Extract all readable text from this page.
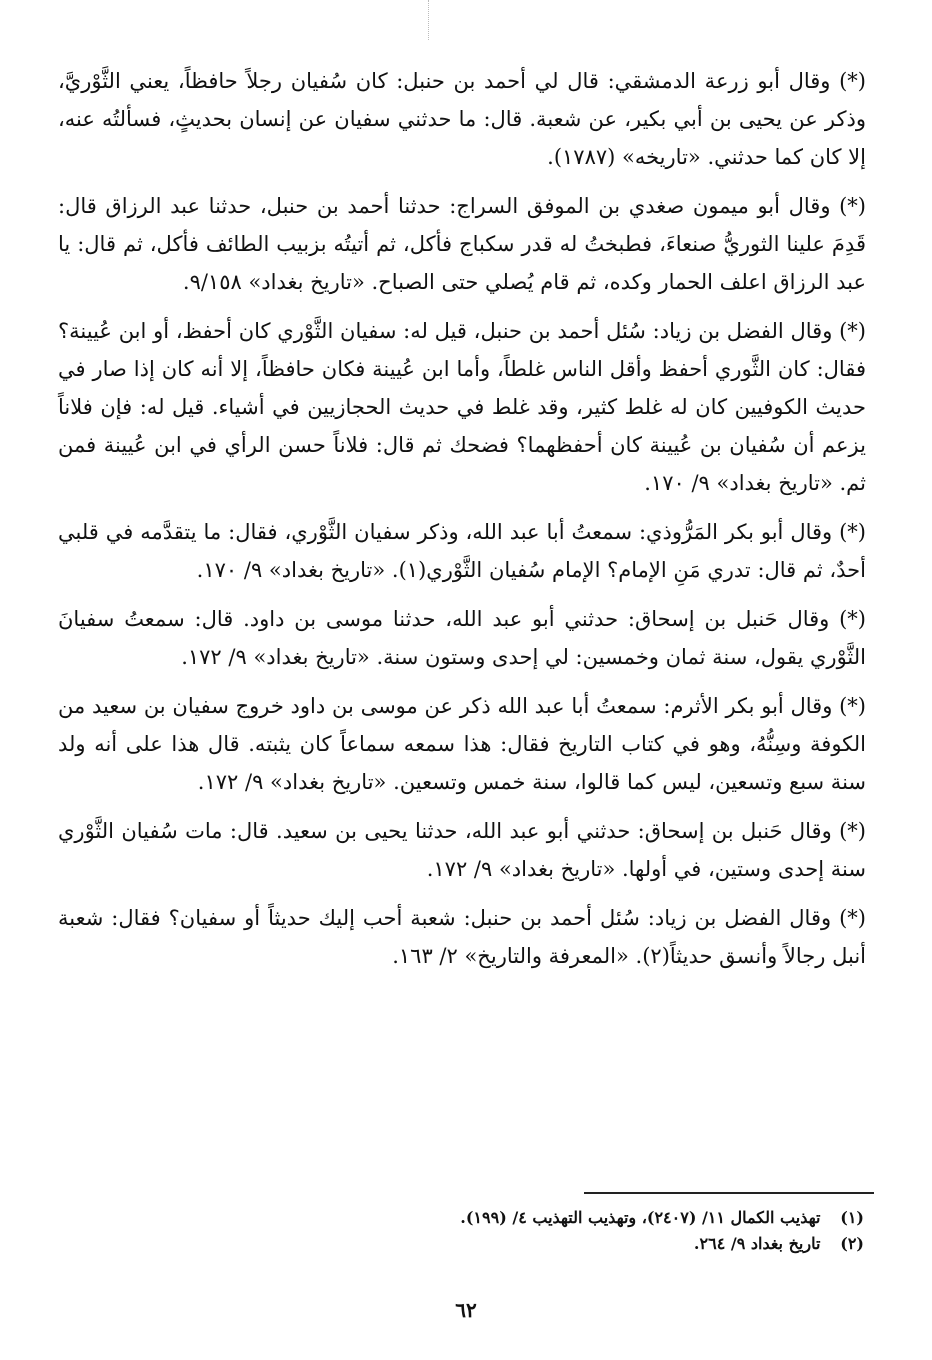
(*) وقال أبو زرعة الدمشقي: قال لي أحمد بن حنبل: كان سُفيان رجلاً حافظاً، يعني الثَّوْريَّ، وذكر عن يحيى بن أبي بكير، عن شعبة. قال: ما حدثني سفيان عن إنسان بحديثٍ، فسألتُه عنه، إلا كان كما حدثني. «تاريخه» (١٧٨٧).

(*) وقال أبو ميمون صغدي بن الموفق السراج: حدثنا أحمد بن حنبل، حدثنا عبد الرزاق قال: قَدِمَ علينا الثوريُّ صنعاءَ، فطبختُ له قدر سكباج فأكل، ثم أتيتُه بزبيب الطائف فأكل، ثم قال: يا عبد الرزاق اعلف الحمار وكده، ثم قام يُصلي حتى الصباح. «تاريخ بغداد» ٩/١٥٨.

(*) وقال الفضل بن زياد: سُئل أحمد بن حنبل، قيل له: سفيان الثَّوْري كان أحفظ، أو ابن عُيينة؟ فقال: كان الثَّوري أحفظ وأقل الناس غلطاً، وأما ابن عُيينة فكان حافظاً، إلا أنه كان إذا صار في حديث الكوفيين كان له غلط كثير، وقد غلط في حديث الحجازيين في أشياء. قيل له: فإن فلاناً يزعم أن سُفيان بن عُيينة كان أحفظهما؟ فضحك ثم قال: فلاناً حسن الرأي في ابن عُيينة فمن ثم. «تاريخ بغداد» ٩/ ١٧٠.

(*) وقال أبو بكر المَرُّوذي: سمعتُ أبا عبد الله، وذكر سفيان الثَّوْري، فقال: ما يتقدَّمه في قلبي أحدٌ، ثم قال: تدري مَنِ الإمام؟ الإمام سُفيان الثَّوْري(١). «تاريخ بغداد» ٩/ ١٧٠.

(*) وقال حَنبل بن إسحاق: حدثني أبو عبد الله، حدثنا موسى بن داود. قال: سمعتُ سفيانَ الثَّوْري يقول، سنة ثمان وخمسين: لي إحدى وستون سنة. «تاريخ بغداد» ٩/ ١٧٢.

(*) وقال أبو بكر الأثرم: سمعتُ أبا عبد الله ذكر عن موسى بن داود خروج سفيان بن سعيد من الكوفة وسِنُّهُ، وهو في كتاب التاريخ فقال: هذا سمعه سماعاً كان يثبته. قال هذا على أنه ولد سنة سبع وتسعين، ليس كما قالوا، سنة خمس وتسعين. «تاريخ بغداد» ٩/ ١٧٢.

(*) وقال حَنبل بن إسحاق: حدثني أبو عبد الله، حدثنا يحيى بن سعيد. قال: مات سُفيان الثَّوْري سنة إحدى وستين، في أولها. «تاريخ بغداد» ٩/ ١٧٢.

(*) وقال الفضل بن زياد: سُئل أحمد بن حنبل: شعبة أحب إليك حديثاً أو سفيان؟ فقال: شعبة أنبل رجالاً وأنسق حديثاً(٢). «المعرفة والتاريخ» ٢/ ١٦٣.

(١) تهذيب الكمال ١١/ (٢٤٠٧)، وتهذيب التهذيب ٤/ (١٩٩).

(٢) تاريخ بغداد ٩/ ٢٦٤.

٦٢
